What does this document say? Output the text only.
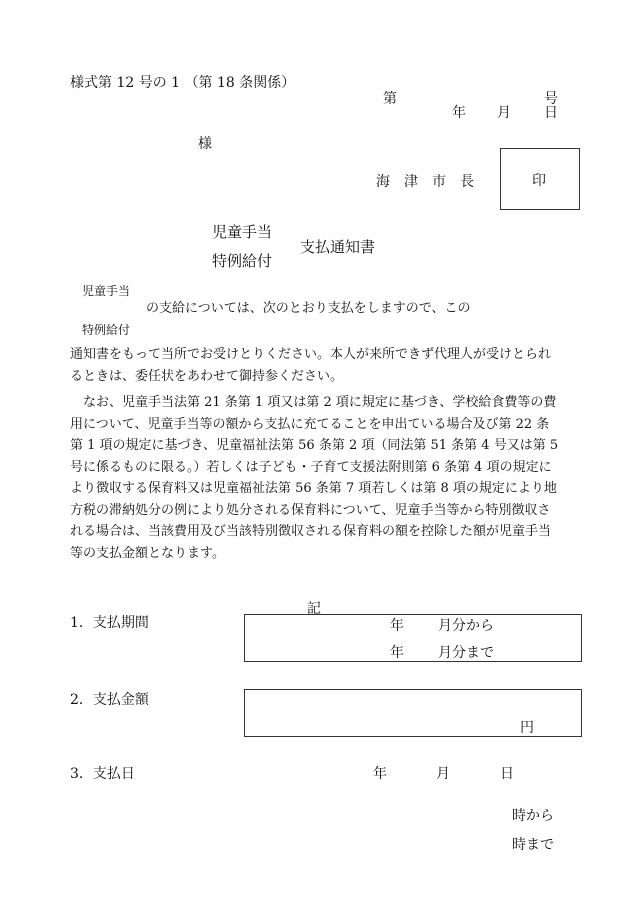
様式第 12 号の 1 （第 18 条関係）
第	号
年 月 日
様
海　津　市　長	印
児童手当
特例給付
支払通知書
児童手当
特例給付
の支給については、次のとおり支払をしますので、この

通知書をもって当所でお受けとりください。本人が来所できず代理人が受けとられるときは、委任状をあわせて御持参ください。

なお、児童手当法第 21 条第 1 項又は第 2 項に規定に基づき、学校給食費等の費用について、児童手当等の額から支払に充てることを申出ている場合及び第 22 条第 1 項の規定に基づき、児童福祉法第 56 条第 2 項（同法第 51 条第 4 号又は第 5 号に係るものに限る。）若しくは子ども・子育て支援法附則第 6 条第 4 項の規定により徴収する保育料又は児童福祉法第 56 条第 7 項若しくは第 8 項の規定により地方税の滞納処分の例により処分される保育料について、児童手当等から特別徴収される場合は、当該費用及び当該特別徴収される保育料の額を控除した額が児童手当等の支払金額となります。

記
1．支払期間	年 月分から
年 月分まで
2．支払金額
円
3．支払日	年	月	日
時から
時まで
